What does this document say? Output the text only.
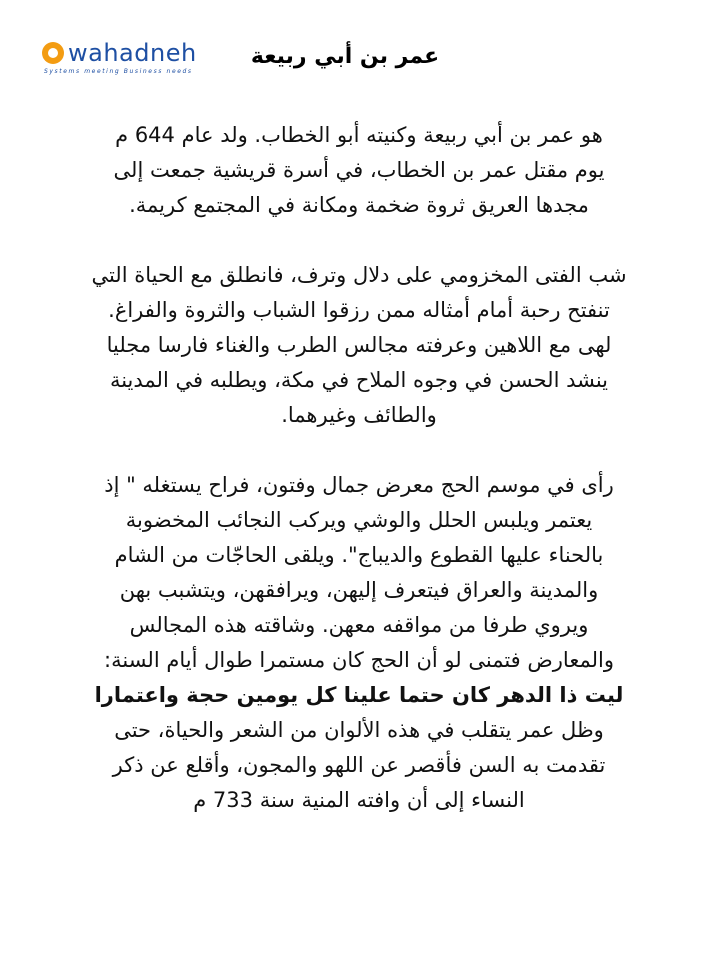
wahadneh
Systems meeting Business needs
عمر بن أبي ربيعة

هو عمر بن أبي ربيعة وكنيته أبو الخطاب. ولد عام 644 م
يوم مقتل عمر بن الخطاب، في أسرة قريشية جمعت إلى
مجدها العريق ثروة ضخمة ومكانة في المجتمع كريمة.

شب الفتى المخزومي على دلال وترف، فانطلق مع الحياة التي
تنفتح رحبة أمام أمثاله ممن رزقوا الشباب والثروة والفراغ.
لهى مع اللاهين وعرفته مجالس الطرب والغناء فارسا مجليا
ينشد الحسن في وجوه الملاح في مكة، ويطلبه في المدينة
والطائف وغيرهما.

رأى في موسم الحج معرض جمال وفتون، فراح يستغله " إذ
يعتمر ويلبس الحلل والوشي ويركب النجائب المخضوبة
بالحناء عليها القطوع والديباج". ويلقى الحاجّات من الشام
والمدينة والعراق فيتعرف إليهن، ويرافقهن، ويتشبب بهن
ويروي طرفا من مواقفه معهن. وشاقته هذه المجالس
والمعارض فتمنى لو أن الحج كان مستمرا طوال أيام السنة:
ليت ذا الدهر كان حتما علينا كل يومين حجة واعتمارا
وظل عمر يتقلب في هذه الألوان من الشعر والحياة، حتى
تقدمت به السن فأقصر عن اللهو والمجون، وأقلع عن ذكر
النساء إلى أن وافته المنية سنة 733 م
